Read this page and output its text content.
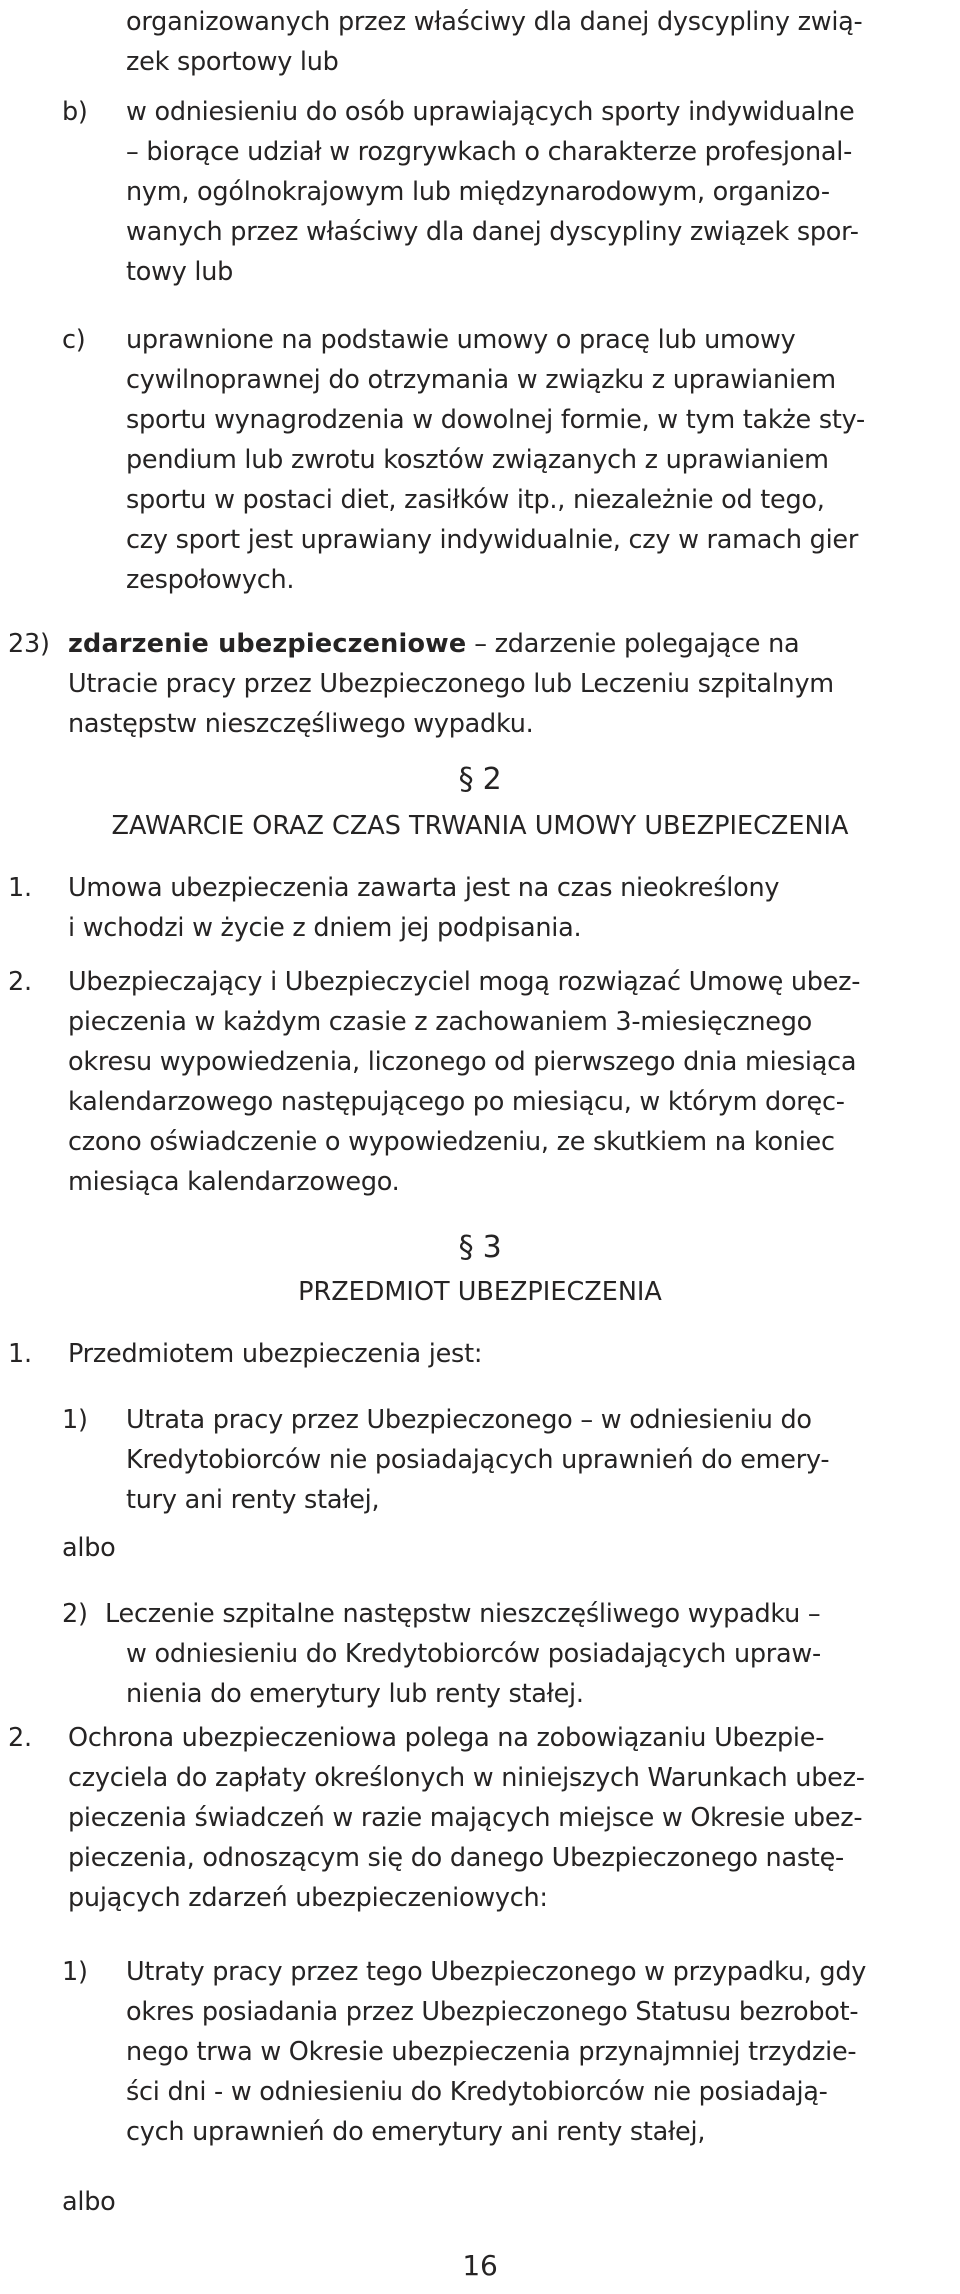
organizowanych przez właściwy dla danej dyscypliny zwią-
zek sportowy lub
b) w odniesieniu do osób uprawiających sporty indywidualne
– biorące udział w rozgrywkach o charakterze profesjonal-
nym, ogólnokrajowym lub międzynarodowym, organizo-
wanych przez właściwy dla danej dyscypliny związek spor-
towy lub
c) uprawnione na podstawie umowy o pracę lub umowy
cywilnoprawnej do otrzymania w związku z uprawianiem
sportu wynagrodzenia w dowolnej formie, w tym także sty-
pendium lub zwrotu kosztów związanych z uprawianiem
sportu w postaci diet, zasiłków itp., niezależnie od tego,
czy sport jest uprawiany indywidualnie, czy w ramach gier
zespołowych.
23) zdarzenie ubezpieczeniowe – zdarzenie polegające na
Utracie pracy przez Ubezpieczonego lub Leczeniu szpitalnym
następstw nieszczęśliwego wypadku.
§ 2
ZAWARCIE ORAZ CZAS TRWANIA UMOWY UBEZPIECZENIA
1. Umowa ubezpieczenia zawarta jest na czas nieokreślony
i wchodzi w życie z dniem jej podpisania.
2. Ubezpieczający i Ubezpieczyciel mogą rozwiązać Umowę ubez-
pieczenia w każdym czasie z zachowaniem 3-miesięcznego
okresu wypowiedzenia, liczonego od pierwszego dnia miesiąca
kalendarzowego następującego po miesiącu, w którym doręc-
czono oświadczenie o wypowiedzeniu, ze skutkiem na koniec
miesiąca kalendarzowego.
§ 3
PRZEDMIOT UBEZPIECZENIA
1. Przedmiotem ubezpieczenia jest:
1) Utrata pracy przez Ubezpieczonego – w odniesieniu do
Kredytobiorców nie posiadających uprawnień do emery-
tury ani renty stałej,
albo
2) Leczenie szpitalne następstw nieszczęśliwego wypadku –
w odniesieniu do Kredytobiorców posiadających upraw-
nienia do emerytury lub renty stałej.
2. Ochrona ubezpieczeniowa polega na zobowiązaniu Ubezpie-
czyciela do zapłaty określonych w niniejszych Warunkach ubez-
pieczenia świadczeń w razie mających miejsce w Okresie ubez-
pieczenia, odnoszącym się do danego Ubezpieczonego nastę-
pujących zdarzeń ubezpieczeniowych:
1) Utraty pracy przez tego Ubezpieczonego w przypadku, gdy
okres posiadania przez Ubezpieczonego Statusu bezrobot-
nego trwa w Okresie ubezpieczenia przynajmniej trzydzie-
ści dni - w odniesieniu do Kredytobiorców nie posiadają-
cych uprawnień do emerytury ani renty stałej,
albo
16
